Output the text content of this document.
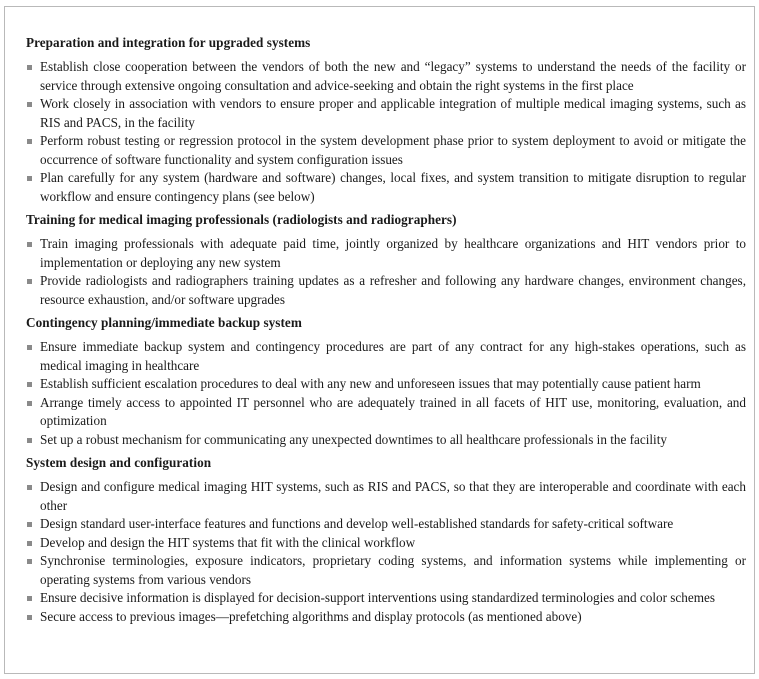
Preparation and integration for upgraded systems
Establish close cooperation between the vendors of both the new and “legacy” systems to understand the needs of the facility or service through extensive ongoing consultation and advice-seeking and obtain the right systems in the first place
Work closely in association with vendors to ensure proper and applicable integration of multiple medical imaging systems, such as RIS and PACS, in the facility
Perform robust testing or regression protocol in the system development phase prior to system deployment to avoid or mitigate the occurrence of software functionality and system configuration issues
Plan carefully for any system (hardware and software) changes, local fixes, and system transition to mitigate disruption to regular workflow and ensure contingency plans (see below)
Training for medical imaging professionals (radiologists and radiographers)
Train imaging professionals with adequate paid time, jointly organized by healthcare organizations and HIT vendors prior to implementation or deploying any new system
Provide radiologists and radiographers training updates as a refresher and following any hardware changes, environment changes, resource exhaustion, and/or software upgrades
Contingency planning/immediate backup system
Ensure immediate backup system and contingency procedures are part of any contract for any high-stakes operations, such as medical imaging in healthcare
Establish sufficient escalation procedures to deal with any new and unforeseen issues that may potentially cause patient harm
Arrange timely access to appointed IT personnel who are adequately trained in all facets of HIT use, monitoring, evaluation, and optimization
Set up a robust mechanism for communicating any unexpected downtimes to all healthcare professionals in the facility
System design and configuration
Design and configure medical imaging HIT systems, such as RIS and PACS, so that they are interoperable and coordinate with each other
Design standard user-interface features and functions and develop well-established standards for safety-critical software
Develop and design the HIT systems that fit with the clinical workflow
Synchronise terminologies, exposure indicators, proprietary coding systems, and information systems while implementing or operating systems from various vendors
Ensure decisive information is displayed for decision-support interventions using standardized terminologies and color schemes
Secure access to previous images—prefetching algorithms and display protocols (as mentioned above)
